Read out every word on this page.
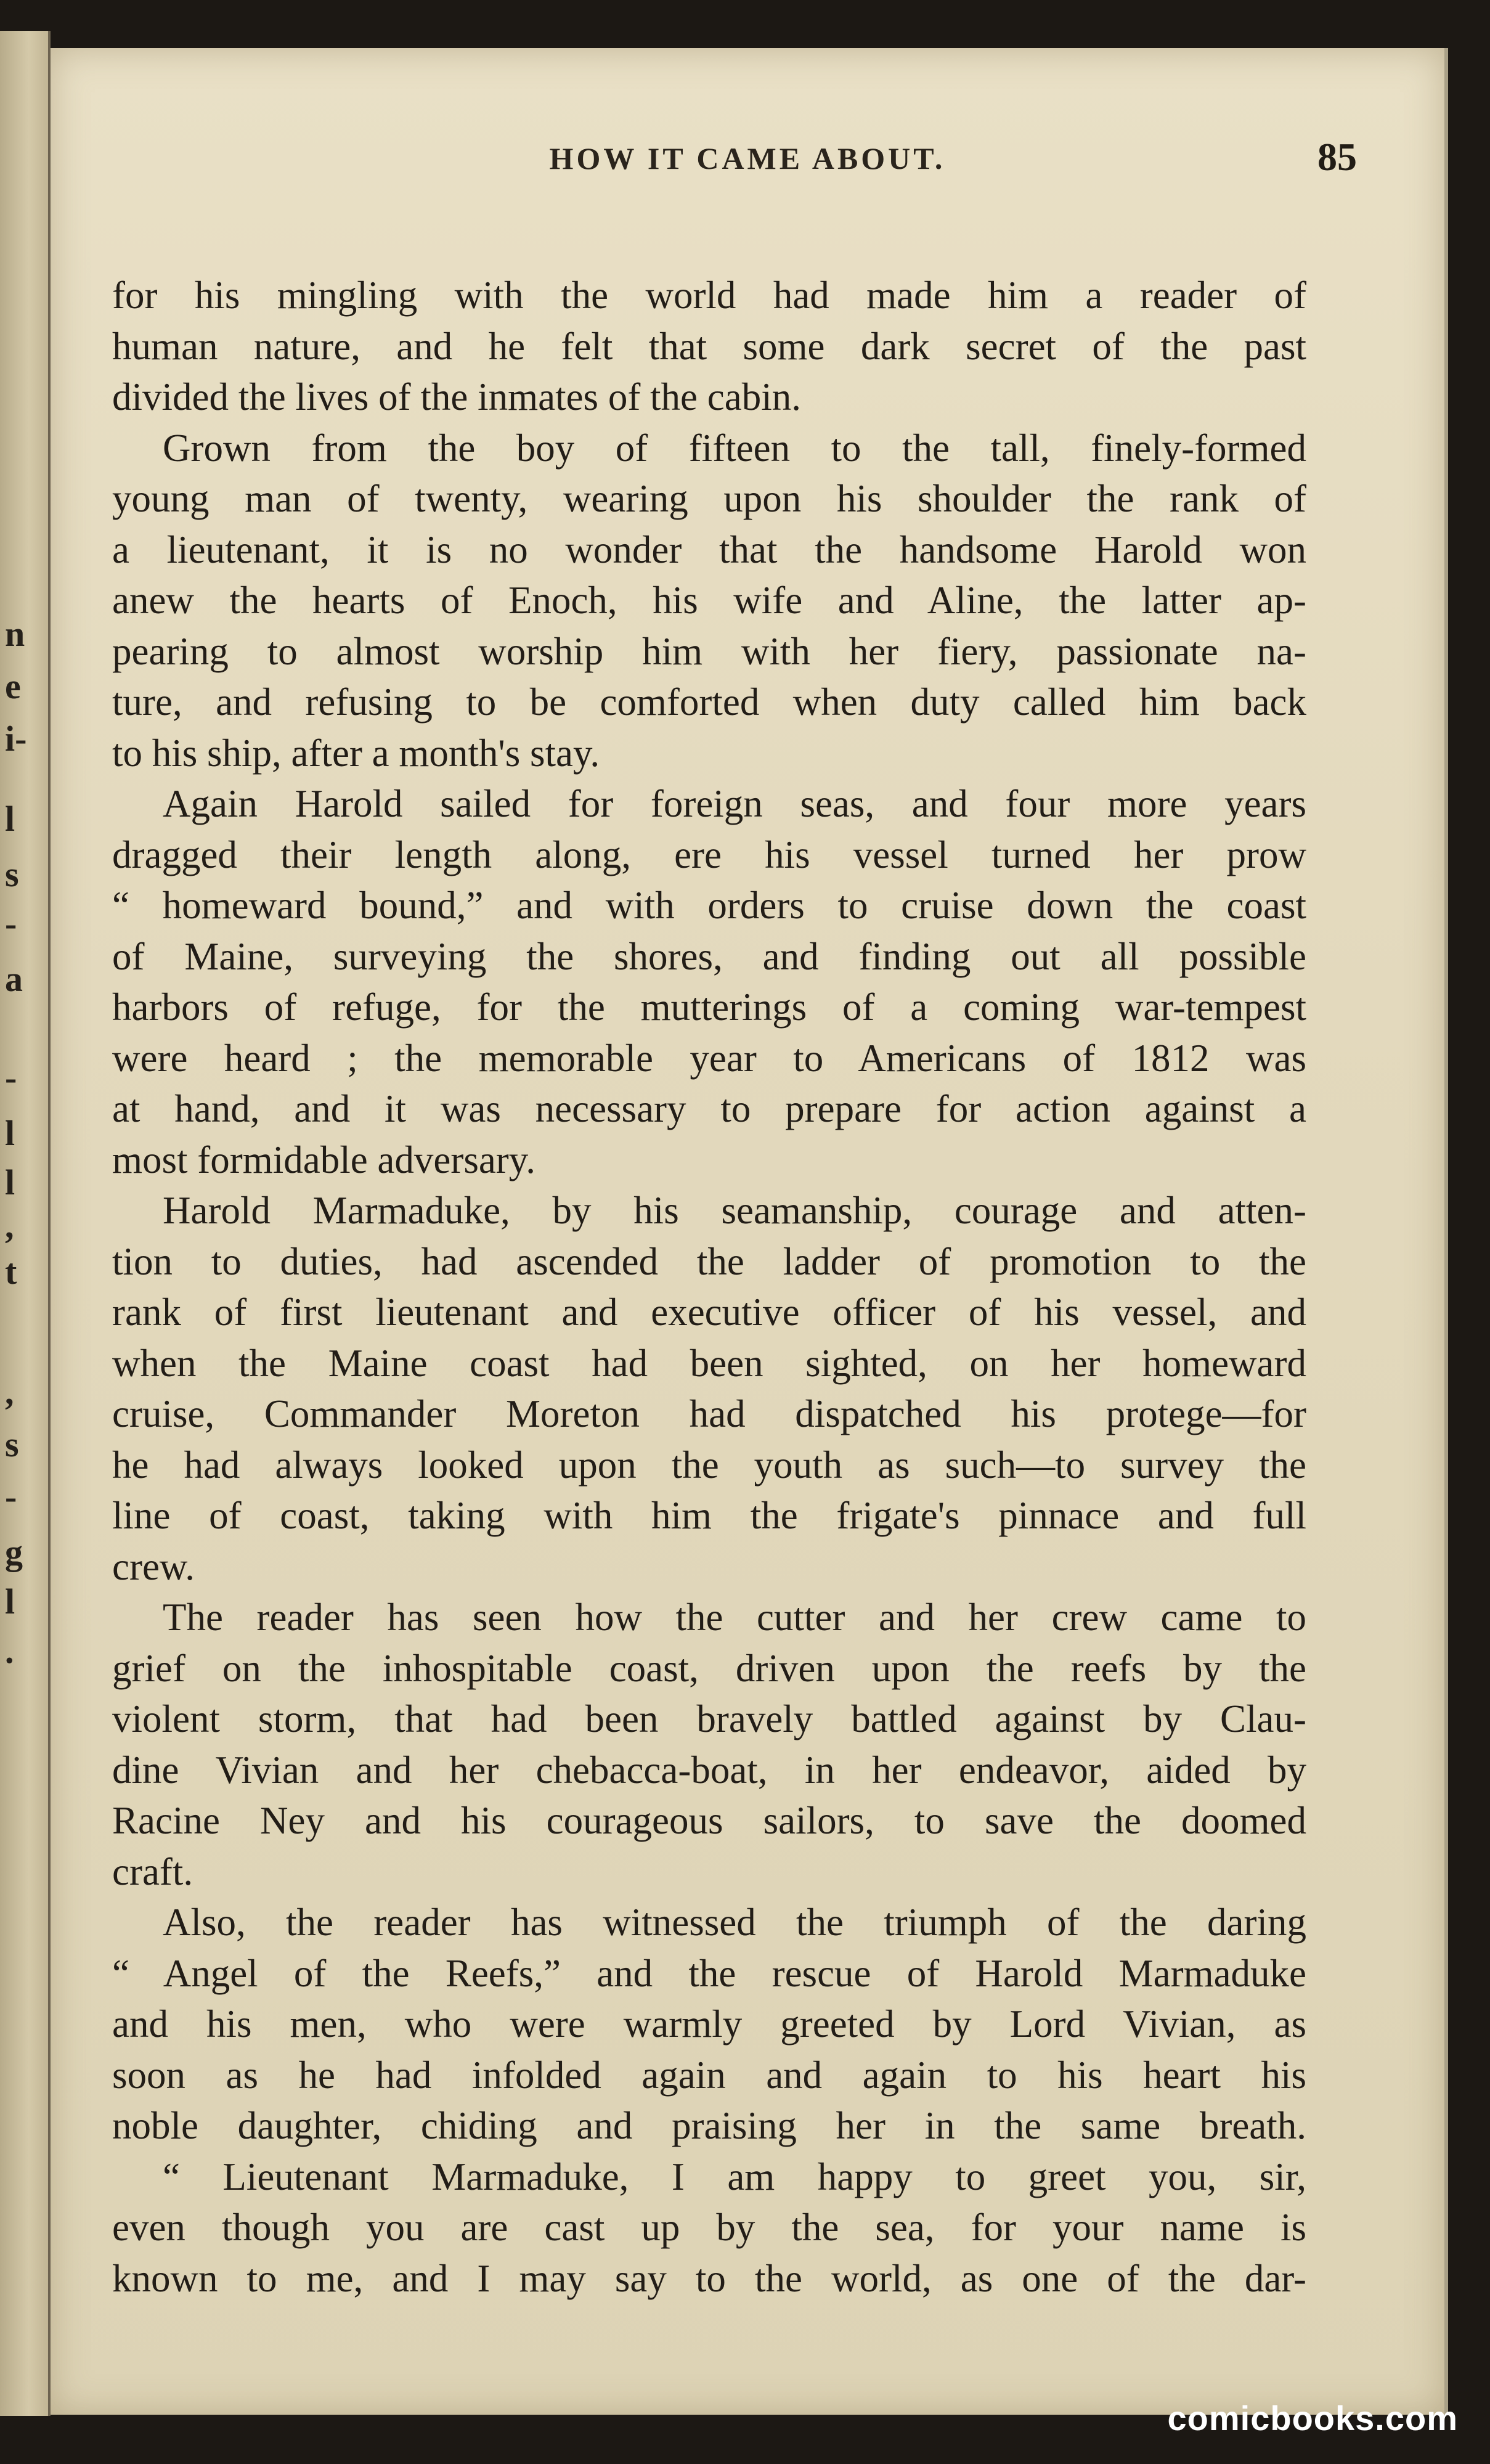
n
e
i-
l
s
-
a
-
l
l
,
t
,
s
-
g
l
.
HOW IT CAME ABOUT.	85
for his mingling with the world had made him a reader of
human nature, and he felt that some dark secret of the past
divided the lives of the inmates of the cabin.
Grown from the boy of fifteen to the tall, finely-formed
young man of twenty, wearing upon his shoulder the rank of
a lieutenant, it is no wonder that the handsome Harold won
anew the hearts of Enoch, his wife and Aline, the latter ap-
pearing to almost worship him with her fiery, passionate na-
ture, and refusing to be comforted when duty called him back
to his ship, after a month's stay.
Again Harold sailed for foreign seas, and four more years
dragged their length along, ere his vessel turned her prow
“ homeward bound,” and with orders to cruise down the coast
of Maine, surveying the shores, and finding out all possible
harbors of refuge, for the mutterings of a coming war-tempest
were heard ; the memorable year to Americans of 1812 was
at hand, and it was necessary to prepare for action against a
most formidable adversary.
Harold Marmaduke, by his seamanship, courage and atten-
tion to duties, had ascended the ladder of promotion to the
rank of first lieutenant and executive officer of his vessel, and
when the Maine coast had been sighted, on her homeward
cruise, Commander Moreton had dispatched his protege—for
he had always looked upon the youth as such—to survey the
line of coast, taking with him the frigate's pinnace and full
crew.
The reader has seen how the cutter and her crew came to
grief on the inhospitable coast, driven upon the reefs by the
violent storm, that had been bravely battled against by Clau-
dine Vivian and her chebacca-boat, in her endeavor, aided by
Racine Ney and his courageous sailors, to save the doomed
craft.
Also, the reader has witnessed the triumph of the daring
“ Angel of the Reefs,” and the rescue of Harold Marmaduke
and his men, who were warmly greeted by Lord Vivian, as
soon as he had infolded again and again to his heart his
noble daughter, chiding and praising her in the same breath.
“ Lieutenant Marmaduke, I am happy to greet you, sir,
even though you are cast up by the sea, for your name is
known to me, and I may say to the world, as one of the dar-
comicbooks.com
